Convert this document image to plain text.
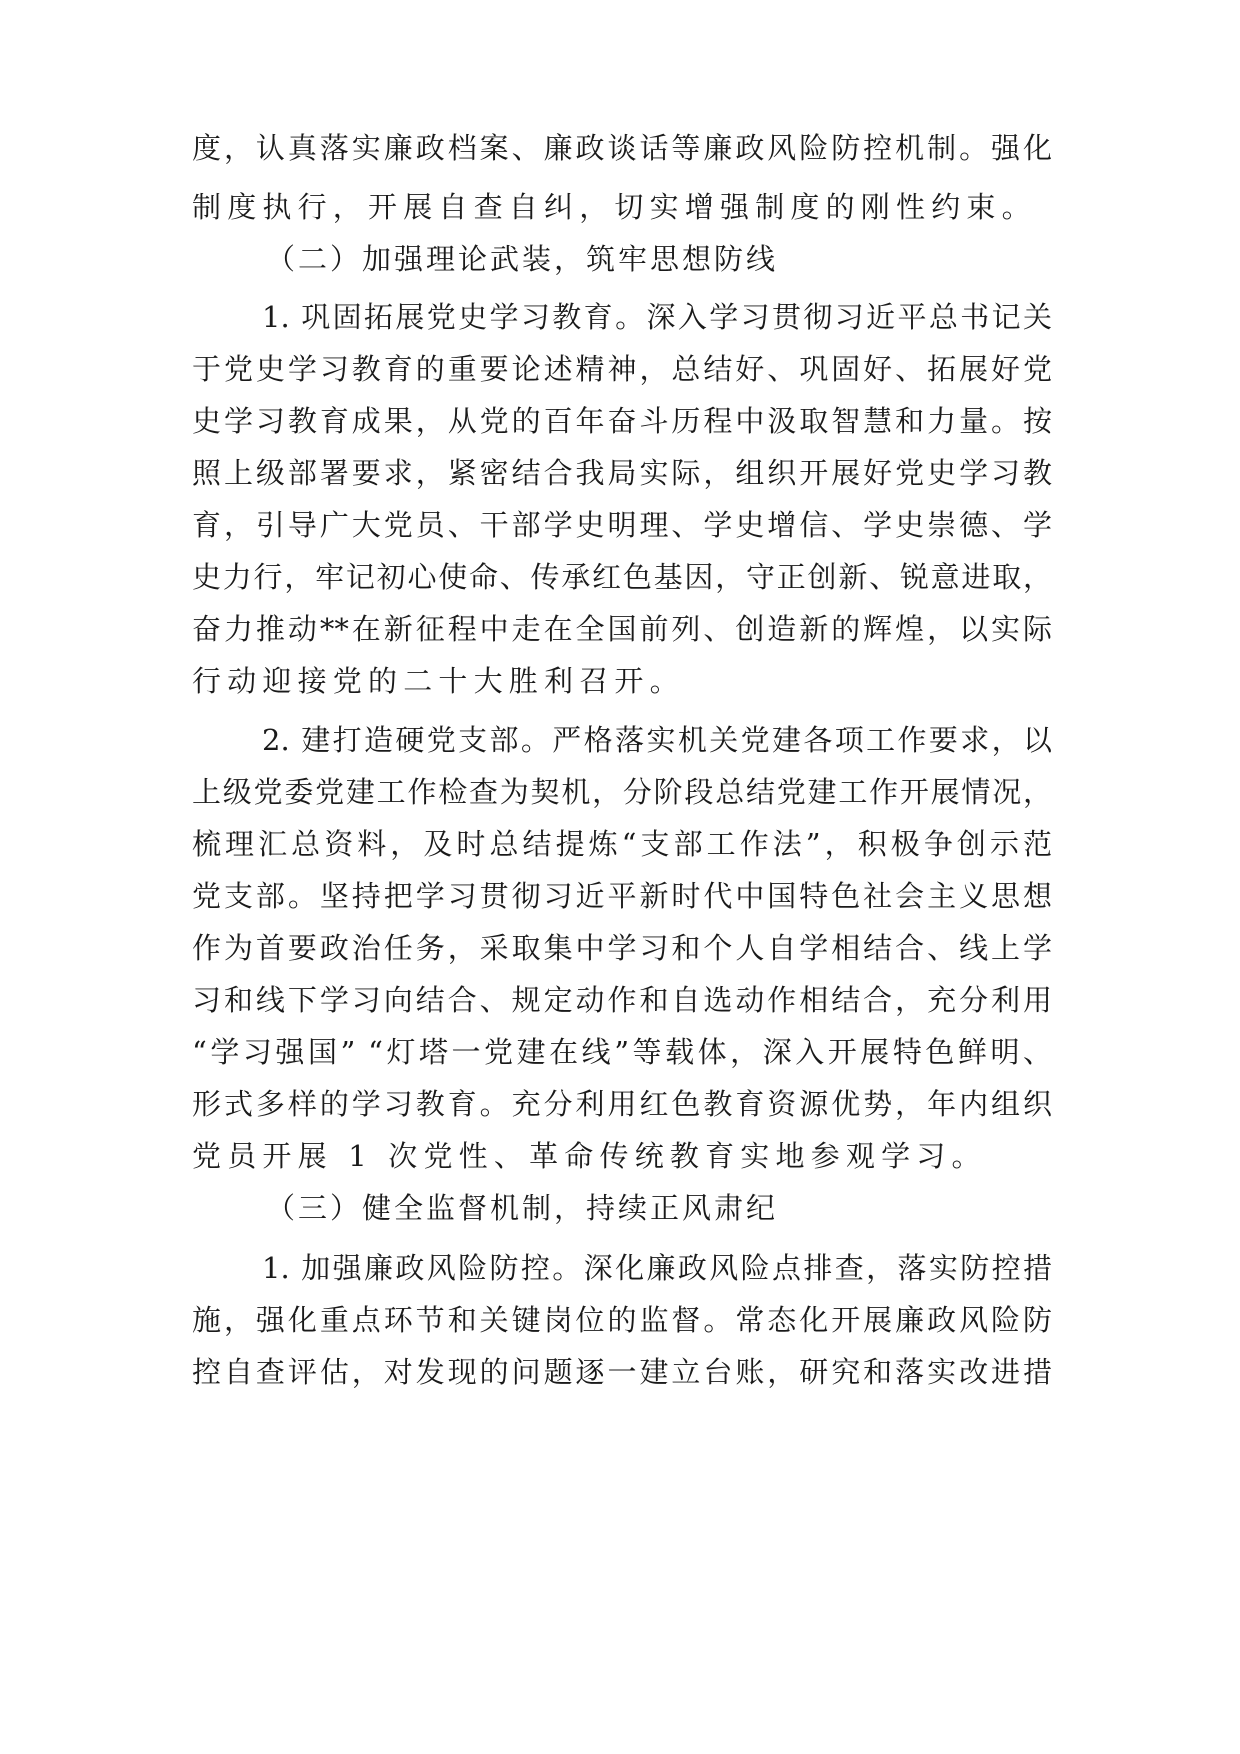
度，认真落实廉政档案、廉政谈话等廉政风险防控机制。强化
制度执行，开展自查自纠，切实增强制度的刚性约束。
（二）加强理论武装，筑牢思想防线
1. 巩固拓展党史学习教育。深入学习贯彻习近平总书记关
于党史学习教育的重要论述精神，总结好、巩固好、拓展好党
史学习教育成果，从党的百年奋斗历程中汲取智慧和力量。按
照上级部署要求，紧密结合我局实际，组织开展好党史学习教
育，引导广大党员、干部学史明理、学史增信、学史崇德、学
史力行，牢记初心使命、传承红色基因，守正创新、锐意进取，
奋力推动**在新征程中走在全国前列、创造新的辉煌，以实际
行动迎接党的二十大胜利召开。
2. 建打造硬党支部。严格落实机关党建各项工作要求，以
上级党委党建工作检查为契机，分阶段总结党建工作开展情况，
梳理汇总资料，及时总结提炼“支部工作法”，积极争创示范
党支部。坚持把学习贯彻习近平新时代中国特色社会主义思想
作为首要政治任务，采取集中学习和个人自学相结合、线上学
习和线下学习向结合、规定动作和自选动作相结合，充分利用
“学习强国” “灯塔一党建在线”等载体，深入开展特色鲜明、
形式多样的学习教育。充分利用红色教育资源优势，年内组织
党员开展 1 次党性、革命传统教育实地参观学习。
（三）健全监督机制，持续正风肃纪
1. 加强廉政风险防控。深化廉政风险点排查，落实防控措
施，强化重点环节和关键岗位的监督。常态化开展廉政风险防
控自查评估，对发现的问题逐一建立台账，研究和落实改进措
